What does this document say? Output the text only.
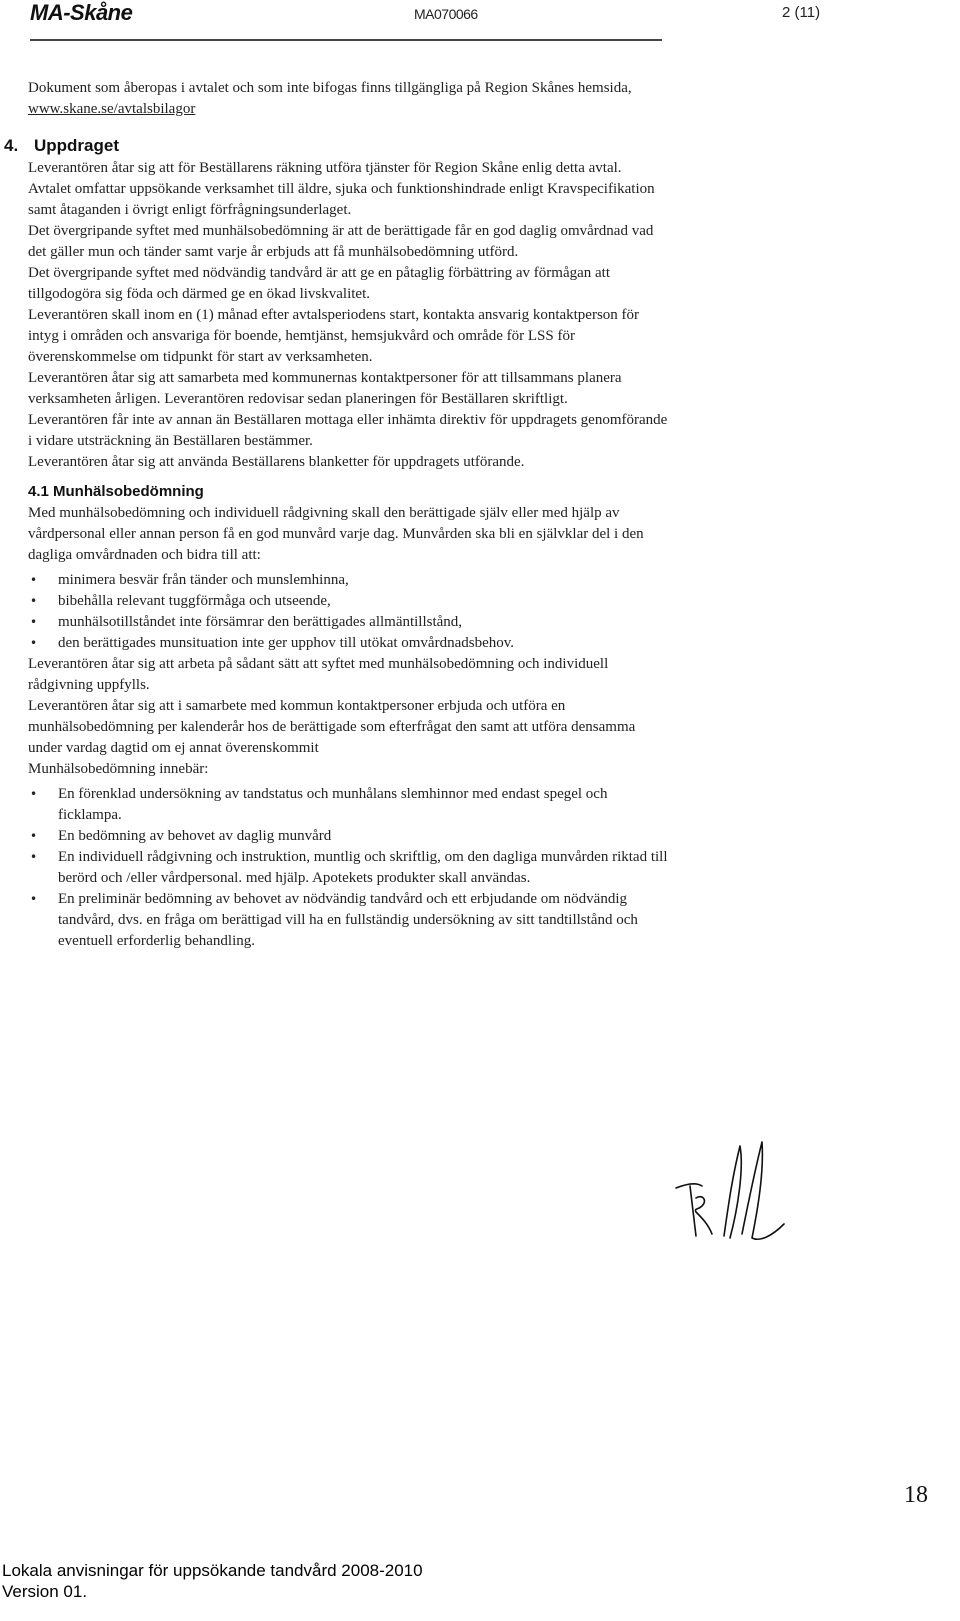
MA-Skåne	MA070066	2 (11)

Dokument som åberopas i avtalet och som inte bifogas finns tillgängliga på Region Skånes hemsida, www.skane.se/avtalsbilagor

4. Uppdraget

Leverantören åtar sig att för Beställarens räkning utföra tjänster för Region Skåne enlig detta avtal.

Avtalet omfattar uppsökande verksamhet till äldre, sjuka och funktionshindrade enligt Kravspecifikation samt åtaganden i övrigt enligt förfrågningsunderlaget.

Det övergripande syftet med munhälsobedömning är att de berättigade får en god daglig omvårdnad vad det gäller mun och tänder samt varje år erbjuds att få munhälsobedömning utförd.

Det övergripande syftet med nödvändig tandvård är att ge en påtaglig förbättring av förmågan att tillgodogöra sig föda och därmed ge en ökad livskvalitet.

Leverantören skall inom en (1) månad efter avtalsperiodens start, kontakta ansvarig kontaktperson för intyg i områden och ansvariga för boende, hemtjänst, hemsjukvård och område för LSS för överenskommelse om tidpunkt för start av verksamheten.

Leverantören åtar sig att samarbeta med kommunernas kontaktpersoner för att tillsammans planera verksamheten årligen. Leverantören redovisar sedan planeringen för Beställaren skriftligt.

Leverantören får inte av annan än Beställaren mottaga eller inhämta direktiv för uppdragets genomförande i vidare utsträckning än Beställaren bestämmer.

Leverantören åtar sig att använda Beställarens blanketter för uppdragets utförande.

4.1 Munhälsobedömning

Med munhälsobedömning och individuell rådgivning skall den berättigade själv eller med hjälp av vårdpersonal eller annan person få en god munvård varje dag. Munvården ska bli en självklar del i den dagliga omvårdnaden och bidra till att:

• minimera besvär från tänder och munslemhinna,
• bibehålla relevant tuggförmåga och utseende,
• munhälsotillståndet inte försämrar den berättigades allmäntillstånd,
• den berättigades munsituation inte ger upphov till utökat omvårdnadsbehov.

Leverantören åtar sig att arbeta på sådant sätt att syftet med munhälsobedömning och individuell rådgivning uppfylls.

Leverantören åtar sig att i samarbete med kommun kontaktpersoner erbjuda och utföra en munhälsobedömning per kalenderår hos de berättigade som efterfrågat den samt att utföra densamma under vardag dagtid om ej annat överenskommit

Munhälsobedömning innebär:

• En förenklad undersökning av tandstatus och munhålans slemhinnor med endast spegel och ficklampa.
• En bedömning av behovet av daglig munvård
• En individuell rådgivning och instruktion, muntlig och skriftlig, om den dagliga munvården riktad till berörd och /eller vårdpersonal. med hjälp. Apotekets produkter skall användas.
• En preliminär bedömning av behovet av nödvändig tandvård och ett erbjudande om nödvändig tandvård, dvs. en fråga om berättigad vill ha en fullständig undersökning av sitt tandtillstånd och eventuell erforderlig behandling.
18
Lokala anvisningar för uppsökande tandvård 2008-2010
Version 01.
